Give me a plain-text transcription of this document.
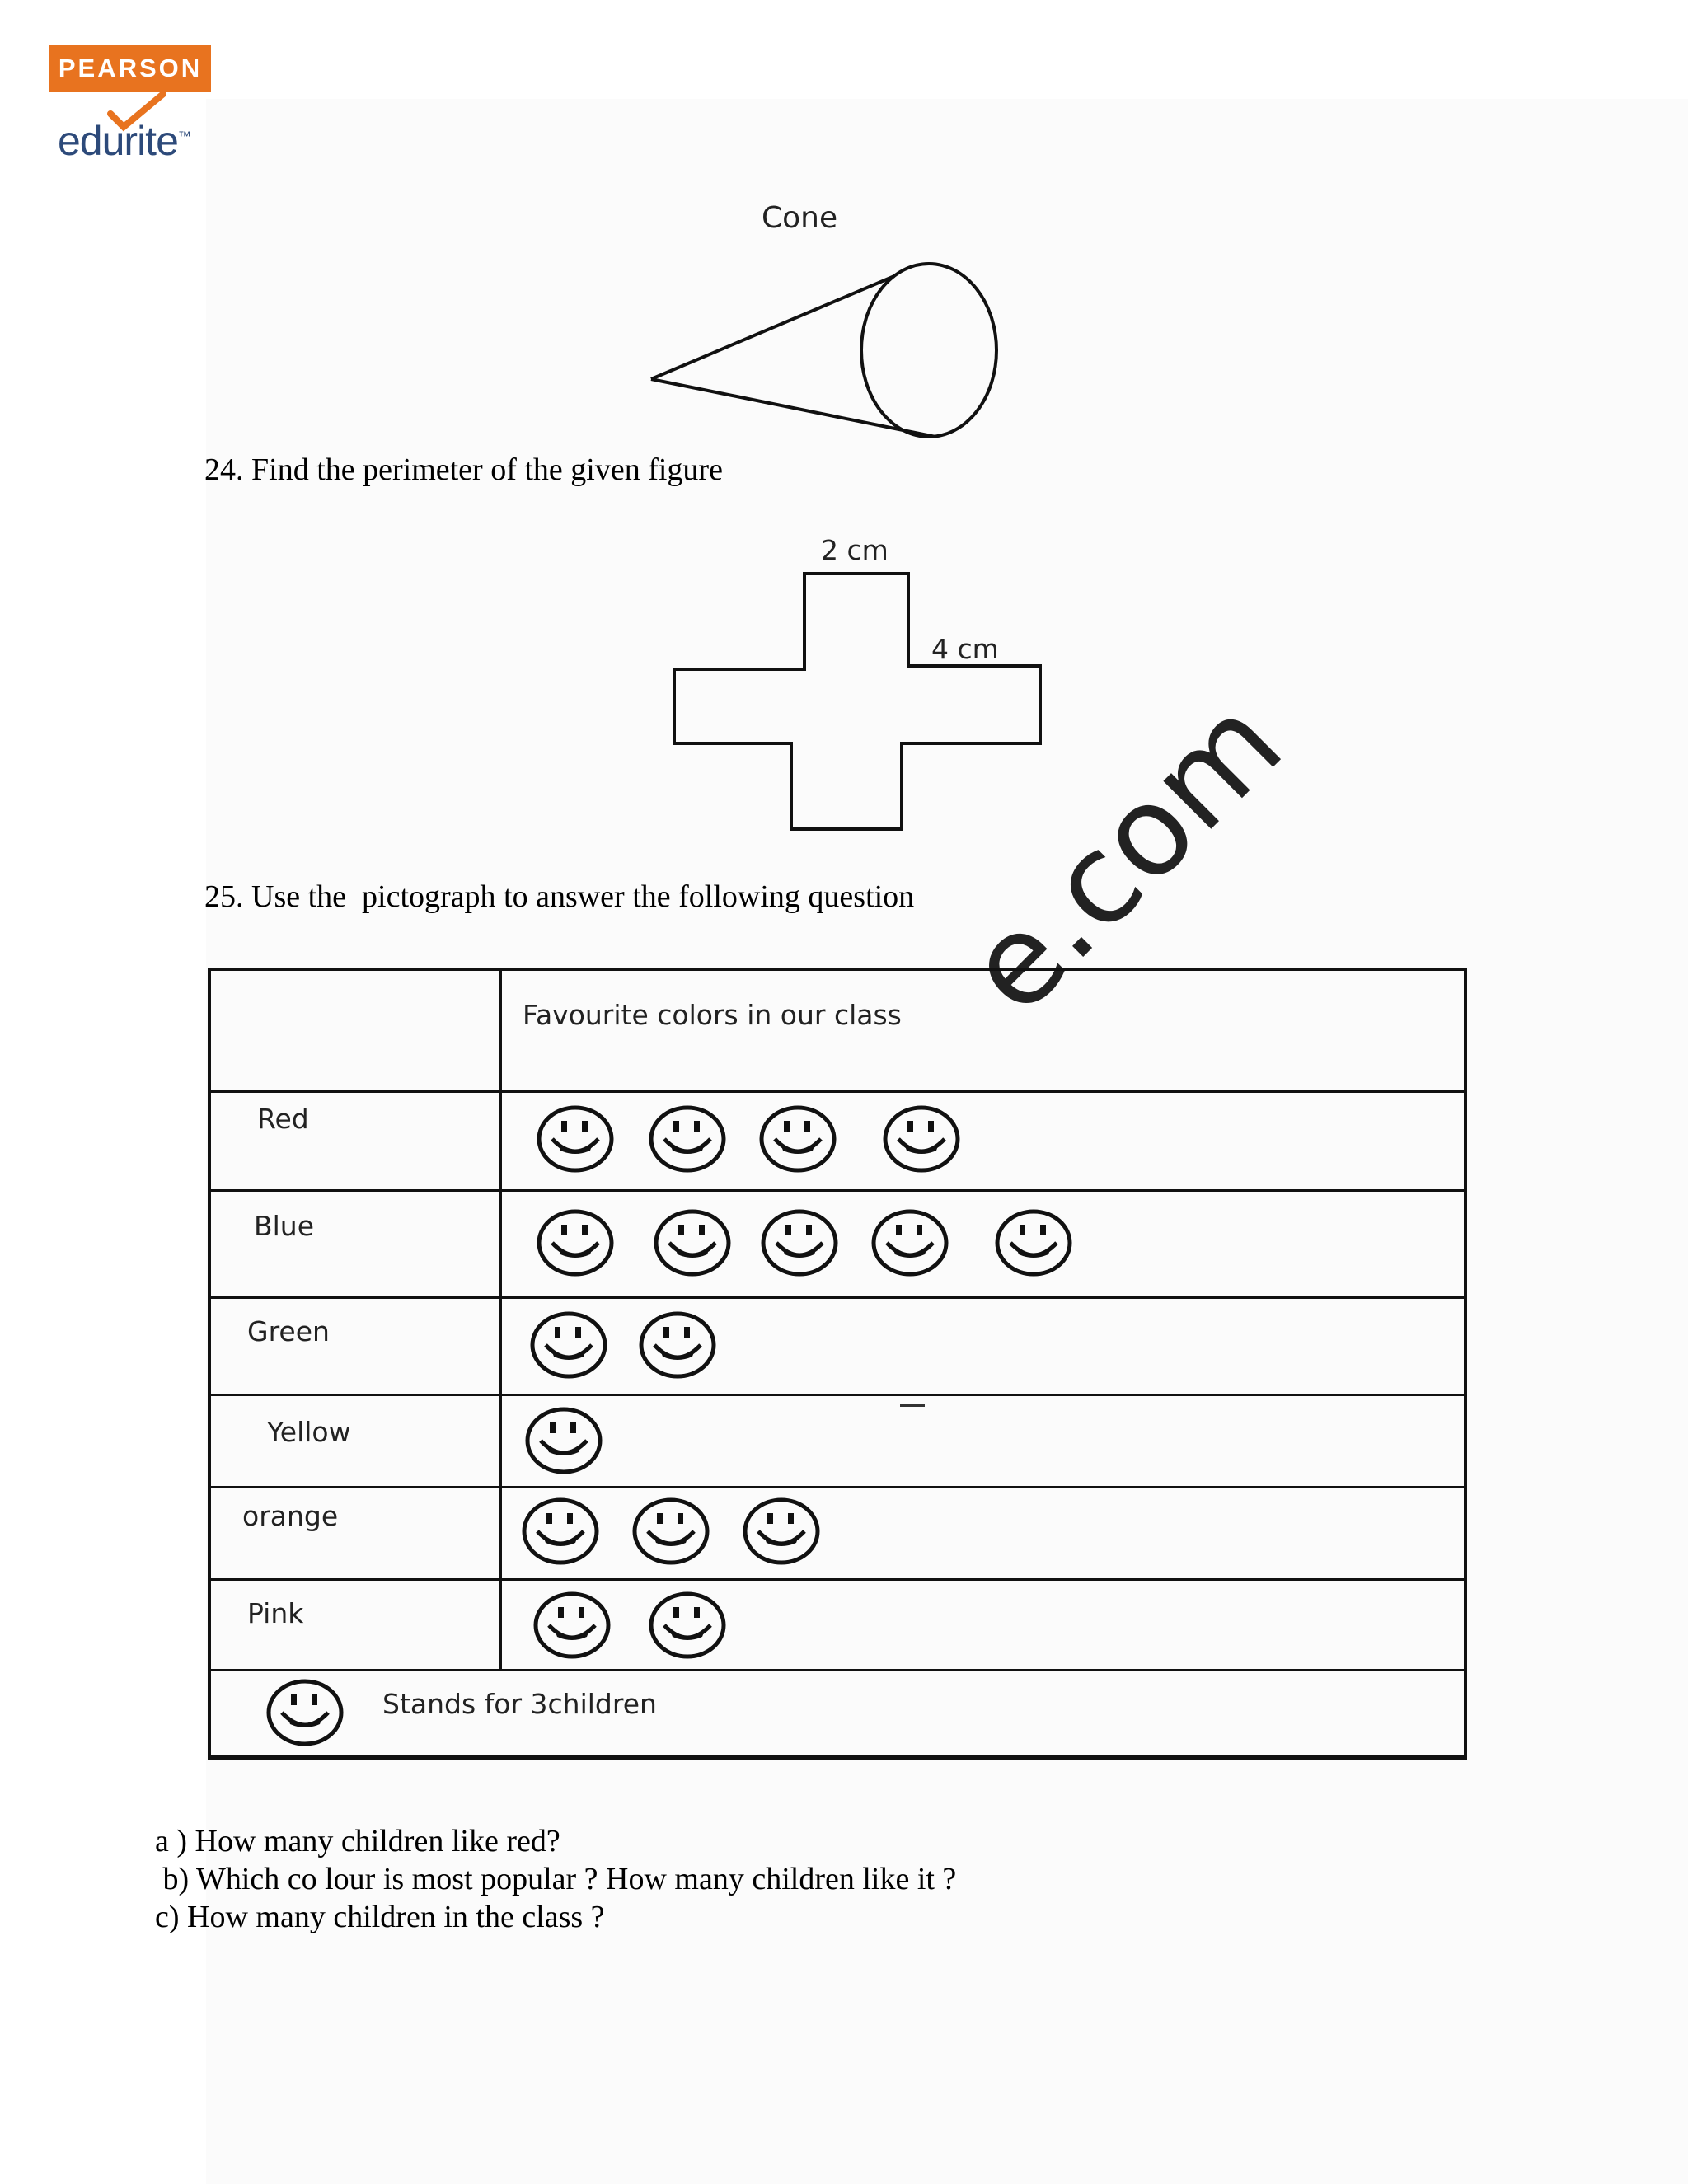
PEARSON
edurite™
Cone
24. Find the perimeter of the given figure
2 cm
4 cm
e.com
25. Use the  pictograph to answer the following question
Favourite colors in our class
Red
Blue
Green
Yellow
orange
Pink
Stands for 3children
a ) How many children like red?
b) Which co lour is most popular ? How many children like it ?
c) How many children in the class ?
